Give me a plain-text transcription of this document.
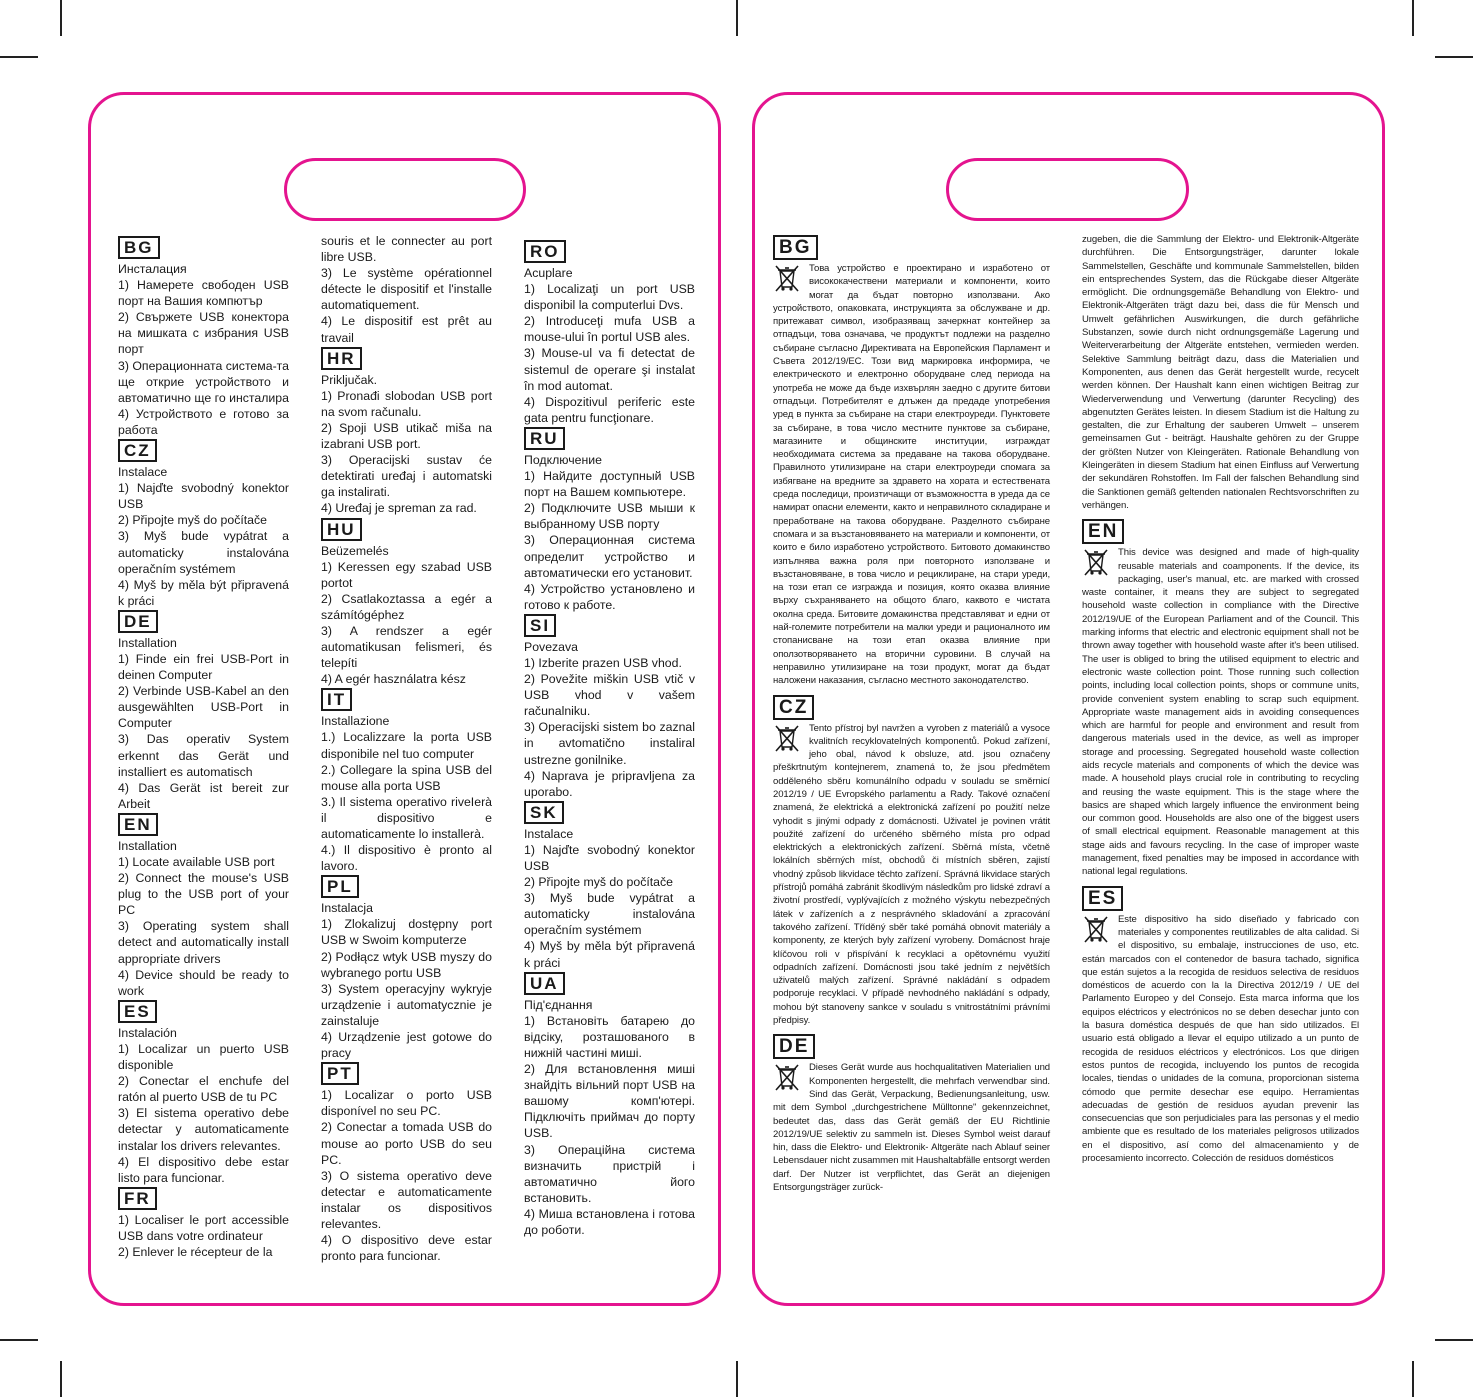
BG

Инсталация

1) Намерете свободен USB порт на Вашия компютър

2) Свържете USB конектора на мишката с избрания USB порт

3) Операционната система-та ще открие устройството и автоматично ще го инсталира

4) Устройството е готово за работа

CZ

Instalace

1) Najďte svobodný konektor USB

2) Připojte myš do počítače

3) Myš bude vypátrat a automaticky instalována operačním systémem

4) Myš by měla být připravená k práci

DE

Installation

1) Finde ein frei USB-Port in deinen Computer

2) Verbinde USB-Kabel an den ausgewählten USB-Port in Computer

3) Das operativ System erkennt das Gerät und installiert es automatisch

4) Das Gerät ist bereit zur Arbeit

EN

Installation

1) Locate available USB port

2) Connect the mouse's USB plug to the USB port of your PC

3) Operating system shall detect and automatically install appropriate drivers

4) Device should be ready to work

ES

Instalación

1) Localizar un puerto USB disponible

2) Conectar el enchufe del ratón al puerto USB de tu PC

3) El sistema operativo debe detectar y automaticamente instalar los drivers relevantes.

4) El dispositivo debe estar listo para funcionar.

FR

1) Localiser le port accessible USB dans votre ordinateur

2) Enlever le récepteur de la

souris et le connecter au port libre USB.

3) Le système opérationnel détecte le dispositif et l'installe automatiquement.

4) Le dispositif est prêt au travail

HR

Priključak.

1) Pronađi slobodan USB port na svom računalu.

2) Spoji USB utikač miša na izabrani USB port.

3) Operacijski sustav će detektirati uređaj i automatski ga instalirati.

4) Uređaj je spreman za rad.

HU

Beüzemelés

1) Keressen egy szabad USB portot

2) Csatlakoztassa a egér a számítógéphez

3) A rendszer a egér automatikusan felismeri, és telepíti

4) A egér használatra kész

IT

Installazione

1.) Localizzare la porta USB disponibile nel tuo computer

2.) Collegare la spina USB del mouse alla porta USB

3.) Il sistema operativo riveIerà il dispositivo e automaticamente lo installerà.

4.) Il dispositivo è pronto al lavoro.

PL

Instalacja

1) Zlokalizuj dostępny port USB w Swoim komputerze

2) Podłącz wtyk USB myszy do wybranego portu USB

3) System operacyjny wykryje urządzenie i automatycznie je zainstaluje

4) Urządzenie jest gotowe do pracy

PT

1) Localizar o porto USB disponível no seu PC.

2) Conectar a tomada USB do mouse ao porto USB do seu PC.

3) O sistema operativo deve detectar e automaticamente instalar os dispositivos relevantes.

4) O dispositivo deve estar pronto para funcionar.

RO

Acuplare

1) Localizaţi un port USB disponibil la computerlui Dvs.

2) Introduceţi mufa USB a mouse-ului în portul USB ales.

3) Mouse-ul va fi detectat de sistemul de operare şi instalat în mod automat.

4) Dispozitivul periferic este gata pentru funcţionare.

RU

Подключение

1) Найдите доступный USB порт на Вашем компьютере.

2) Подключите USB мыши к выбранному USB порту

3) Операционная система определит устройство и автоматически его установит.

4) Устройство установлено и готово к работе.

SI

Povezava

1) Izberite prazen USB vhod.

2) Povežite miškin USB vtič v USB vhod v vašem računalniku.

3) Operacijski sistem bo zaznal in avtomatično instaliral ustrezne gonilnike.

4) Naprava je pripravljena za uporabo.

SK

Instalace

1) Najďte svobodný konektor USB

2) Připojte myš do počítače

3) Myš bude vypátrat a automaticky instalována operačním systémem

4) Myš by měla být připravená k práci

UA

Під'єднання

1) Встановіть батарею до відсіку, розташованого в нижній частині миші.

2) Для встановлення миші знайдіть вільний порт USB на вашому комп'ютері. Підключіть приймач до порту USB.

3) Операційна система визначить пристрій і автоматично його встановить.

4) Миша встановлена і готова до роботи.

BG

Това устройство е проектирано и изработено от висококачествени материали и компоненти, които могат да бъдат повторно използвани. Ако устройството, опаковката, инструкцията за обслужване и др. притежават символ, изобразяващ зачеркнат контейнер за отпадъци, това означава, че продуктът подлежи на разделно събиране съгласно Директивата на Европейския Парламент и Съвета 2012/19/ЕС. Този вид маркировка информира, че електрическото и електронно оборудване след периода на употреба не може да бъде изхвърлян заедно с другите битови отпадъци. Потребителят е длъжен да предаде употребения уред в пункта за събиране на стари електроуреди. Пунктовете за събиране, в това число местните пунктове за събиране, магазините и общинските институции, изграждат необходимата система за предаване на такова оборудване. Правилното утилизиране на стари електроуреди спомага за избягване на вредните за здравето на хората и естествената среда последици, произтичащи от възможността в уреда да се намират опасни елементи, както и неправилното складиране и преработване на такова оборудване. Разделното събиране спомага и за възстановяването на материали и компоненти, от които е било изработено устройството. Битовото домакинство изпълнява важна роля при повторното използване и възстановяване, в това число и рециклиране, на стари уреди, на този етап се изгражда и позиция, която оказва влияние върху съхраняването на общото благо, каквото е чистата околна среда. Битовите домакинства представляват и едни от най-големите потребители на малки уреди и рационалното им стопанисване на този етап оказва влияние при оползотворяването на вторични суровини. В случай на неправилно утилизиране на този продукт, могат да бъдат наложени наказания, съгласно местното законодателство.

CZ

Tento přístroj byl navržen a vyroben z materiálů a vysoce kvalitních recyklovatelných komponentů. Pokud zařízení, jeho obal, návod k obsluze, atd. jsou označeny přeškrtnutým kontejnerem, znamená to, že jsou předmětem odděleného sběru komunálního odpadu v souladu se směrnicí 2012/19 / UE Evropského parlamentu a Rady. Takové označení znamená, že elektrická a elektronická zařízení po použití nelze vyhodit s jinými odpady z domácnosti. Uživatel je povinen vrátit použité zařízení do určeného sběrného místa pro odpad elektrických a elektronických zařízení. Sběrná místa, včetně lokálních sběrných míst, obchodů či místních sběren, zajistí vhodný způsob likvidace těchto zařízení. Správná likvidace starých přístrojů pomáhá zabránit škodlivým následkům pro lidské zdraví a životní prostředí, vyplývajících z možného výskytu nebezpečných látek v zařízeních a z nesprávného skladování a zpracování takového zařízení. Tříděný sběr také pomáhá obnovit materiály a komponenty, ze kterých byly zařízení vyrobeny. Domácnost hraje klíčovou roli v přispívání k recyklaci a opětovnému využití odpadních zařízení. Domácnosti jsou také jedním z největších uživatelů malých zařízení. Správné nakládání s odpadem podporuje recyklaci. V případě nevhodného nakládání s odpady, mohou být stanoveny sankce v souladu s vnitrostátními právními předpisy.

DE

Dieses Gerät wurde aus hochqualitativen Materialien und Komponenten hergestellt, die mehrfach verwendbar sind. Sind das Gerät, Verpackung, Bedienungsanleitung, usw. mit dem Symbol „durchgestrichene Mülltonne" gekennzeichnet, bedeutet das, dass das Gerät gemäß der EU Richtlinie 2012/19/UE selektiv zu sammeln ist. Dieses Symbol weist darauf hin, dass die Elektro- und Elektronik- Altgeräte nach Ablauf seiner Lebensdauer nicht zusammen mit Haushaltabfälle entsorgt werden darf. Der Nutzer ist verpflichtet, das Gerät an diejenigen Entsorgungsträger zurück-

zugeben, die die Sammlung der Elektro- und Elektronik-Altgeräte durchführen. Die Entsorgungsträger, darunter lokale Sammelstellen, Geschäfte und kommunale Sammelstellen, bilden ein entsprechendes System, das die Rückgabe dieser Altgeräte ermöglicht. Die ordnungsgemäße Behandlung von Elektro- und Elektronik-Altgeräten trägt dazu bei, dass die für Mensch und Umwelt gefährlichen Auswirkungen, die durch gefährliche Substanzen, sowie durch nicht ordnungsgemäße Lagerung und Weiterverarbeitung der Altgeräte entstehen, vermieden werden. Selektive Sammlung beiträgt dazu, dass die Materialien und Komponenten, aus denen das Gerät hergestellt wurde, recycelt werden können. Der Haushalt kann einen wichtigen Beitrag zur Wiederverwendung und Verwertung (darunter Recycling) des abgenutzten Gerätes leisten. In diesem Stadium ist die Haltung zu gestalten, die zur Erhaltung der sauberen Umwelt – unserem gemeinsamen Gut - beiträgt. Haushalte gehören zu der Gruppe der größten Nutzer von Kleingeräten. Rationale Behandlung von Kleingeräten in diesem Stadium hat einen Einfluss auf Verwertung der sekundären Rohstoffen. Im Fall der falschen Behandlung sind die Sanktionen gemäß geltenden nationalen Rechtsvorschriften zu verhängen.

EN

This device was designed and made of high-quality reusable materials and coamponents. If the device, its packaging, user's manual, etc. are marked with crossed waste container, it means they are subject to segregated household waste collection in compliance with the Directive 2012/19/UE of the European Parliament and of the Council. This marking informs that electric and electronic equipment shall not be thrown away together with household waste after it's been utilised. The user is obliged to bring the utilised equipment to electric and electronic waste collection point. Those running such collection points, including local collection points, shops or commune units, provide convenient system enabling to scrap such equipment. Appropriate waste management aids in avoiding consequences which are harmful for people and environment and result from dangerous materials used in the device, as well as improper storage and processing. Segregated household waste collection aids recycle materials and components of which the device was made. A household plays crucial role in contributing to recycling and reusing the waste equipment. This is the stage where the basics are shaped which largely influence the environment being our common good. Households are also one of the biggest users of small electrical equipment. Reasonable management at this stage aids and favours recycling. In the case of improper waste management, fixed penalties may be imposed in accordance with national legal regulations.

ES

Este dispositivo ha sido diseñado y fabricado con materiales y componentes reutilizables de alta calidad. Si el dispositivo, su embalaje, instrucciones de uso, etc. están marcados con el contenedor de basura tachado, significa que están sujetos a la recogida de residuos selectiva de residuos domésticos de acuerdo con la la Directiva 2012/19 / UE del Parlamento Europeo y del Consejo. Esta marca informa que los equipos eléctricos y electrónicos no se deben desechar junto con la basura doméstica después de que han sido utilizados. El usuario está obligado a llevar el equipo utilizado a un punto de recogida de residuos eléctricos y electrónicos. Los que dirigen estos puntos de recogida, incluyendo los puntos de recogida locales, tiendas o unidades de la comuna, proporcionan sistema cómodo que permite desechar ese equipo. Herramientas adecuadas de gestión de residuos ayudan prevenir las consecuencias que son perjudiciales para las personas y el medio ambiente que es resultado de los materiales peligrosos utilizados en el dispositivo, así como del almacenamiento y de procesamiento incorrecto. Colección de residuos domésticos
